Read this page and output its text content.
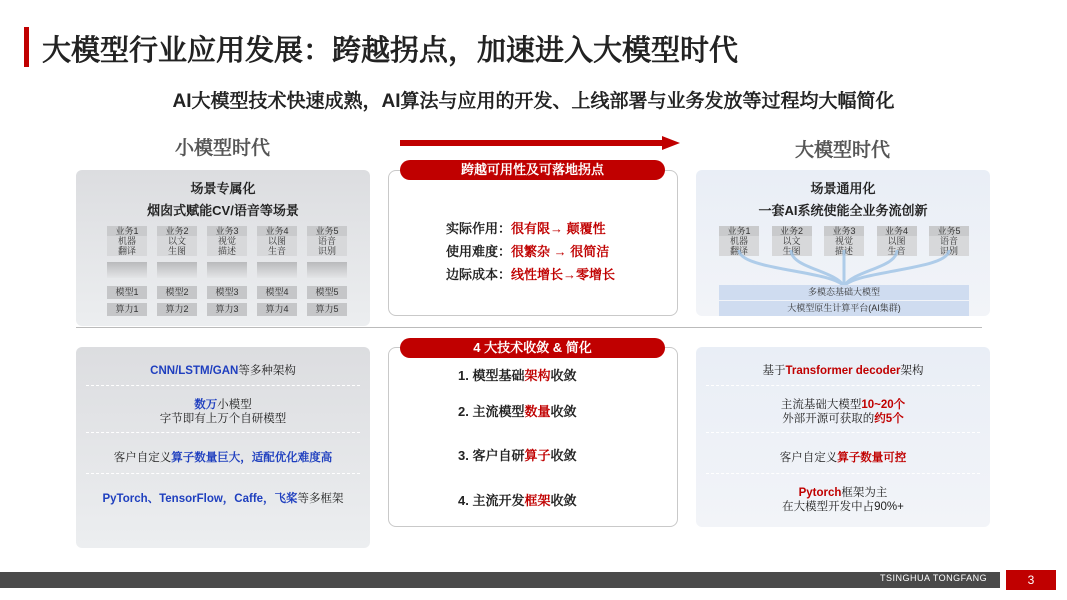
大模型行业应用发展：跨越拐点，加速进入大模型时代
AI大模型技术快速成熟，AI算法与应用的开发、上线部署与业务发放等过程均大幅简化
小模型时代	大模型时代
场景专属化
烟囱式赋能CV/语音等场景
业务1
机器
翻译
业务2
以文
生图
业务3
视觉
描述
业务4
以图
生音
业务5
语音
识别
模型1	模型2	模型3	模型4	模型5
算力1	算力2	算力3	算力4	算力5
跨越可用性及可落地拐点
实际作用：很有限→ 颠覆性
使用难度：很繁杂 → 很简洁
边际成本：线性增长→零增长
场景通用化
一套AI系统使能全业务流创新
业务1
机器
翻译
业务2
以文
生图
业务3
视觉
描述
业务4
以图
生音
业务5
语音
识别
多模态基础大模型
大模型原生计算平台(AI集群)
CNN/LSTM/GAN等多种架构
数万小模型
字节即有上万个自研模型
客户自定义算子数量巨大，适配优化难度高
PyTorch、TensorFlow，Caffe，飞桨等多框架
4 大技术收敛 & 简化
1. 模型基础架构收敛
2. 主流模型数量收敛
3. 客户自研算子收敛
4. 主流开发框架收敛
基于Transformer decoder架构
主流基础大模型10~20个
外部开源可获取的约5个
客户自定义算子数量可控
Pytorch框架为主
在大模型开发中占90%+
TSINGHUA TONGFANG	3
